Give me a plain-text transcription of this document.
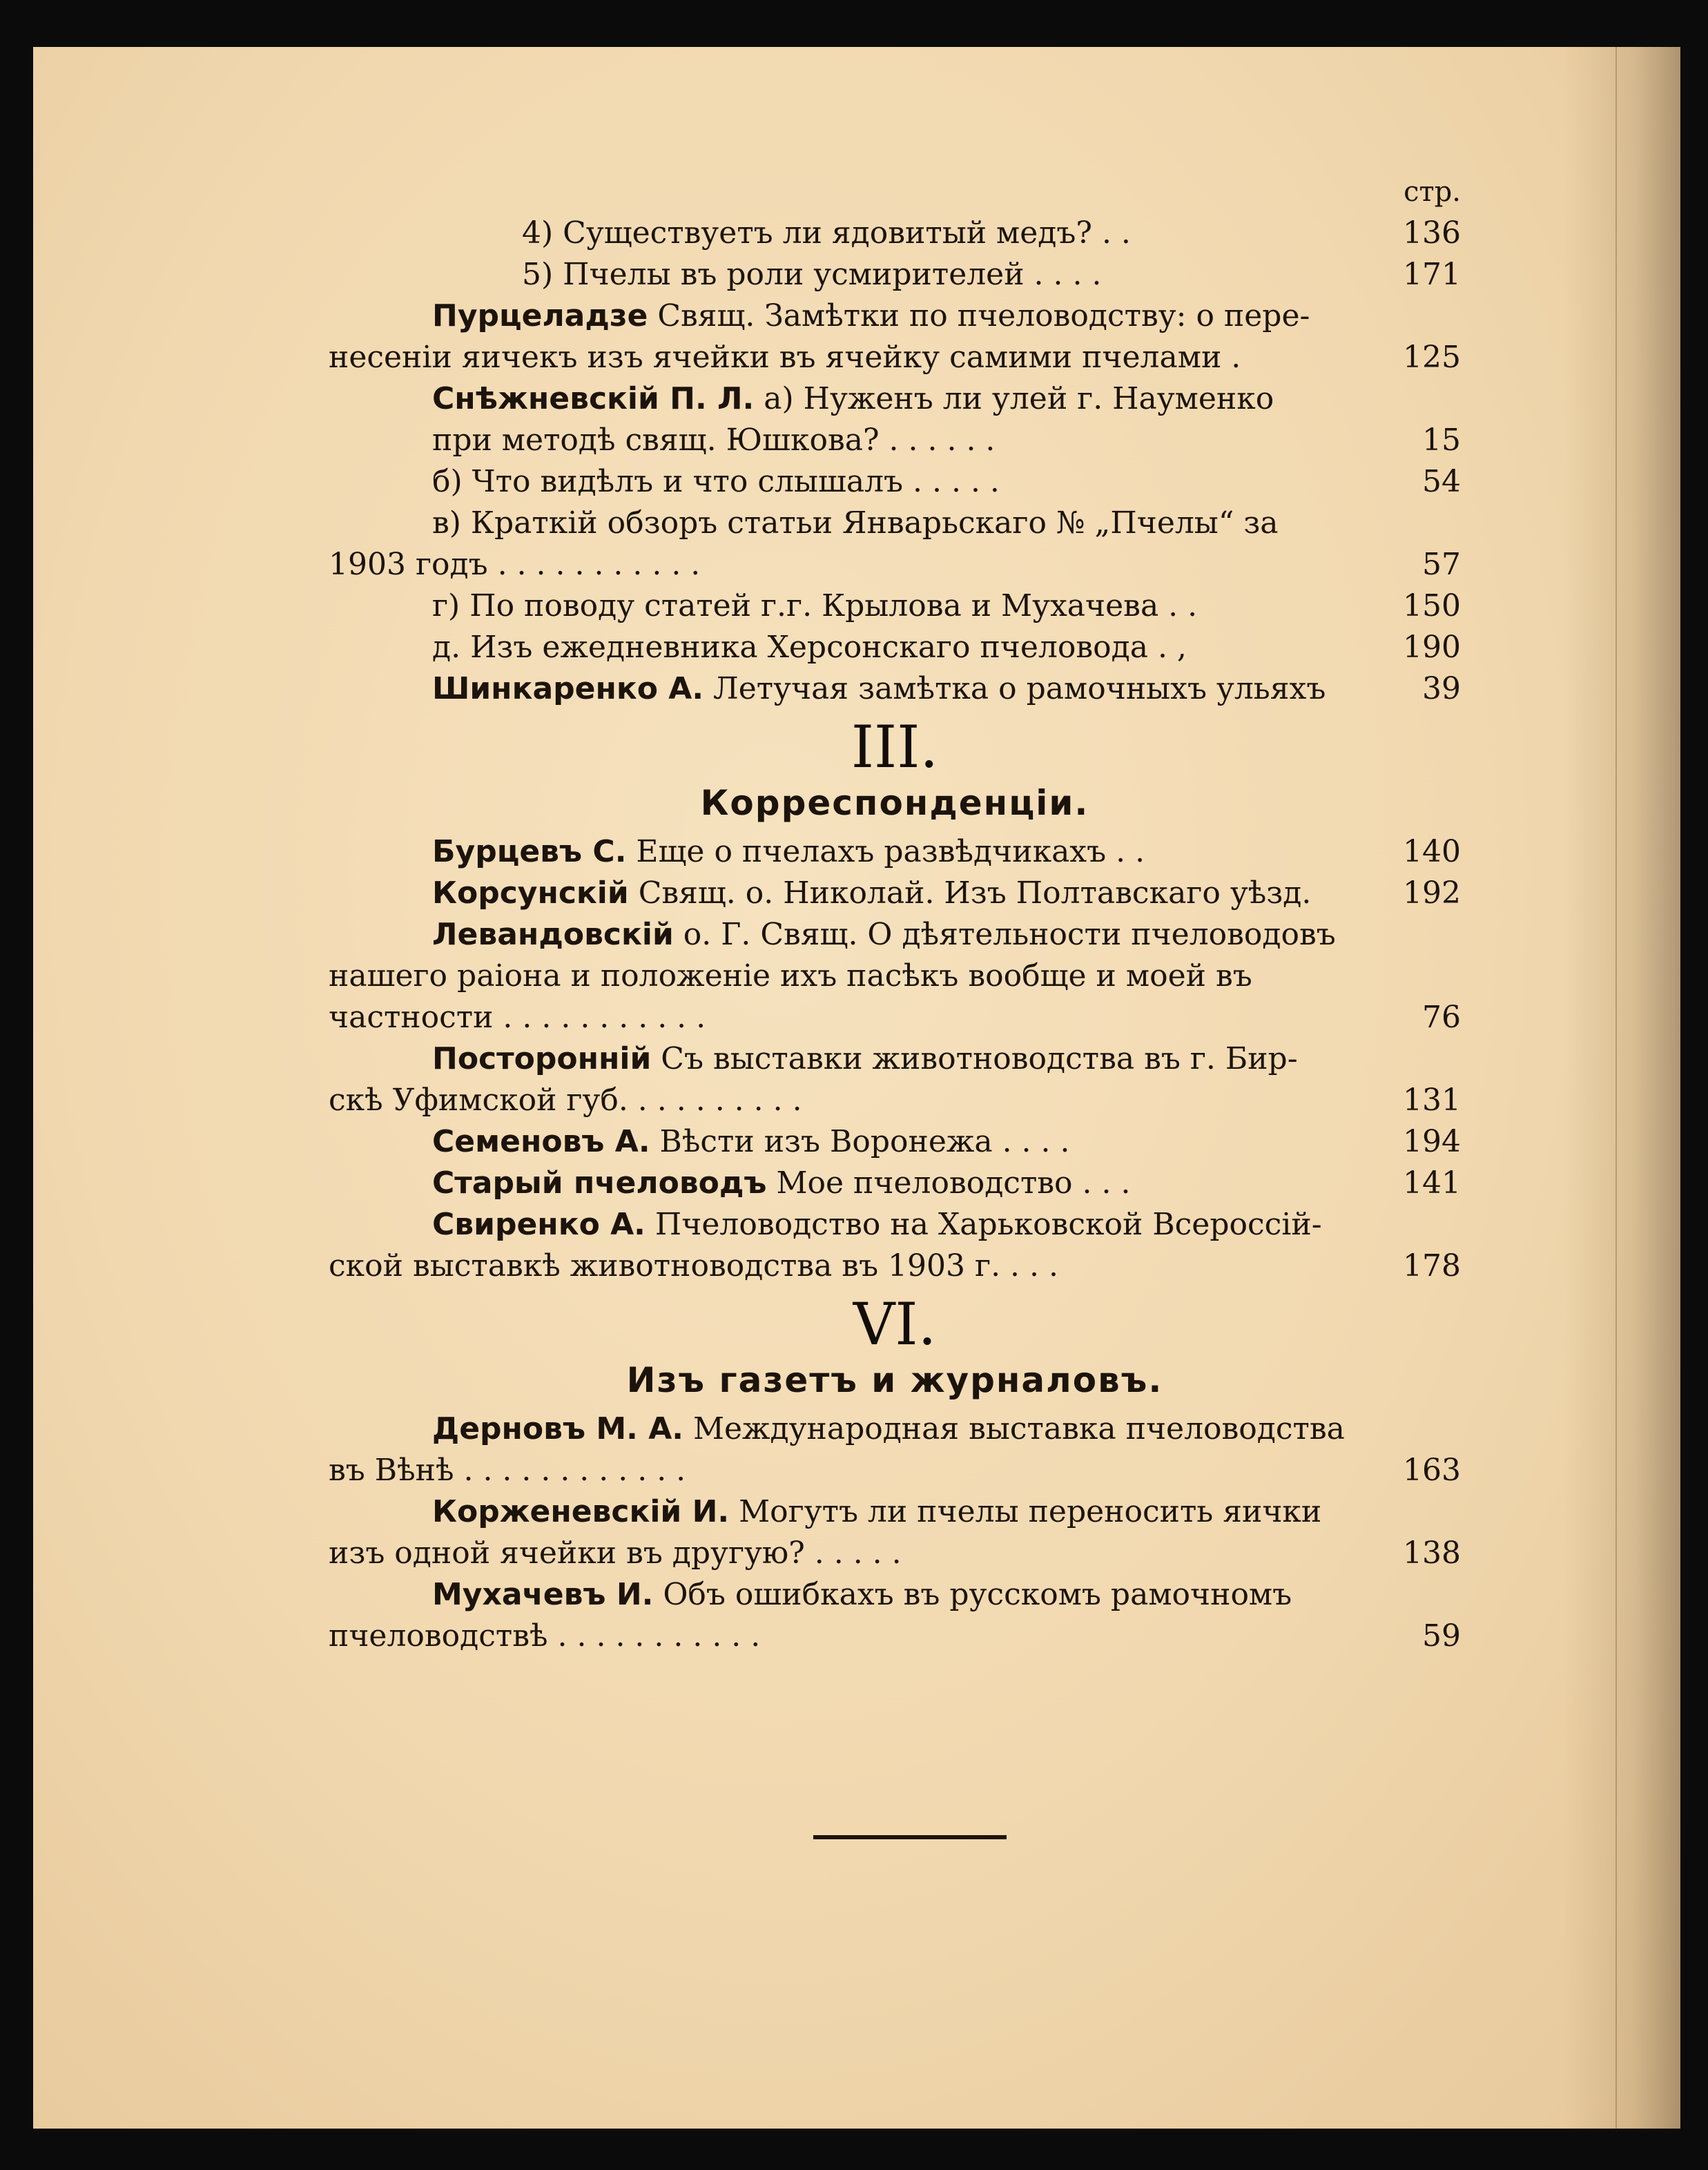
стр.
4) Существуетъ ли ядовитый медъ? . .	136
5) Пчелы въ роли усмирителей . . . .	171
Пурцеладзе Свящ. Замѣтки по пчеловодству: о пере-
несеніи яичекъ изъ ячейки въ ячейку самими пчелами .	125
Снѣжневскій П. Л. а) Нуженъ ли улей г. Науменко
при методѣ свящ. Юшкова? . . . . . .	15
б) Что видѣлъ и что слышалъ . . . . .	54
в) Краткій обзоръ статьи Январьскаго № „Пчелы“ за
1903 годъ . . . . . . . . . . .	57
г) По поводу статей г.г. Крылова и Мухачева . .	150
д. Изъ ежедневника Херсонскаго пчеловода . ,	190
Шинкаренко А. Летучая замѣтка о рамочныхъ ульяхъ	39
III.
Корреспонденціи.
Бурцевъ С. Еще о пчелахъ развѣдчикахъ . .	140
Корсунскій Свящ. о. Николай. Изъ Полтавскаго уѣзд.	192
Левандовскій о. Г. Свящ. О дѣятельности пчеловодовъ
нашего раіона и положеніе ихъ пасѣкъ вообще и моей въ
частности . . . . . . . . . . .	76
Посторонній Съ выставки животноводства въ г. Бир-
скѣ Уфимской губ. . . . . . . . . .	131
Семеновъ А. Вѣсти изъ Воронежа . . . .	194
Старый пчеловодъ Мое пчеловодство . . .	141
Свиренко А. Пчеловодство на Харьковской Всероссій-
ской выставкѣ животноводства въ 1903 г. . . .	178
VI.
Изъ газетъ и журналовъ.
Дерновъ М. А. Международная выставка пчеловодства
въ Вѣнѣ . . . . . . . . . . . .	163
Корженевскій И. Могутъ ли пчелы переносить яички
изъ одной ячейки въ другую? . . . . .	138
Мухачевъ И. Объ ошибкахъ въ русскомъ рамочномъ
пчеловодствѣ . . . . . . . . . . .	59
